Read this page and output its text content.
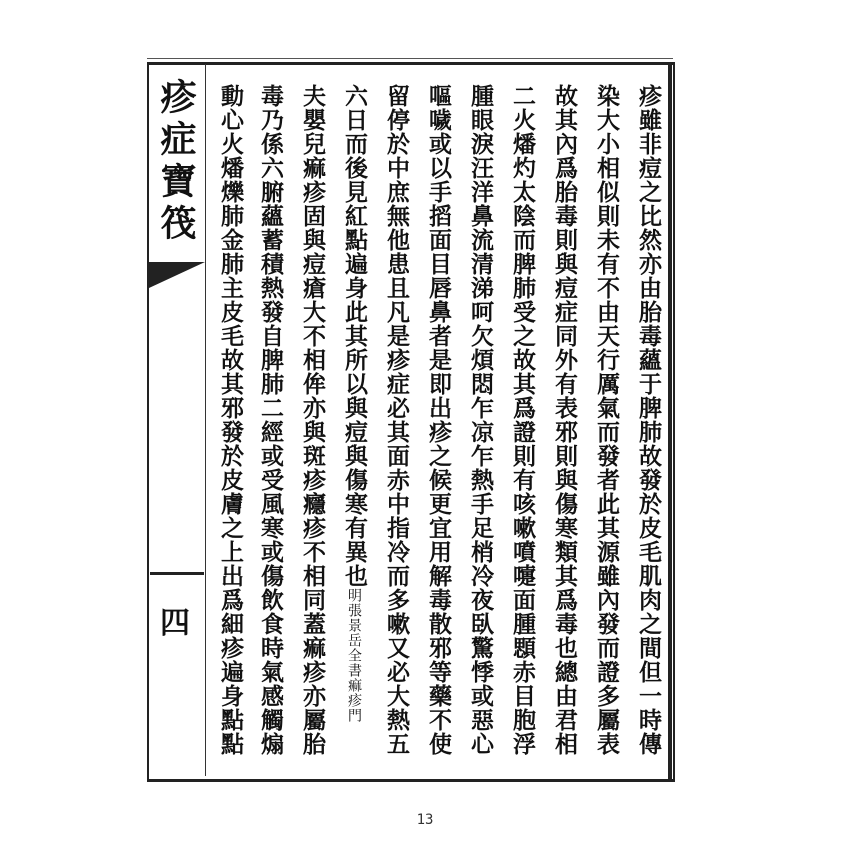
疹症寶筏
四	疹雖非痘之比然亦由胎毒蘊于脾肺故發於皮毛肌肉之間但一時傳
染大小相似則未有不由天行厲氣而發者此其源雖內發而證多屬表
故其內爲胎毒則與痘症同外有表邪則與傷寒類其爲毒也總由君相
二火燔灼太陰而脾肺受之故其爲證則有咳嗽噴嚏面腫顋赤目胞浮
腫眼淚汪洋鼻流清涕呵欠煩悶乍凉乍熱手足梢冷夜臥驚悸或惡心
嘔噦或以手搯面目唇鼻者是即出疹之候更宜用解毒散邪等藥不使
留停於中庶無他患且凡是疹症必其面赤中指冷而多嗽又必大熱五
六日而後見紅點遍身此其所以與痘與傷寒有異也明張景岳全書痲疹門
夫嬰兒痲疹固與痘瘡大不相侔亦與斑疹癮疹不相同蓋痲疹亦屬胎
毒乃係六腑蘊蓄積熱發自脾肺二經或受風寒或傷飲食時氣感觸煽
動心火燔爍肺金肺主皮毛故其邪發於皮膚之上出爲細疹遍身點點
13
